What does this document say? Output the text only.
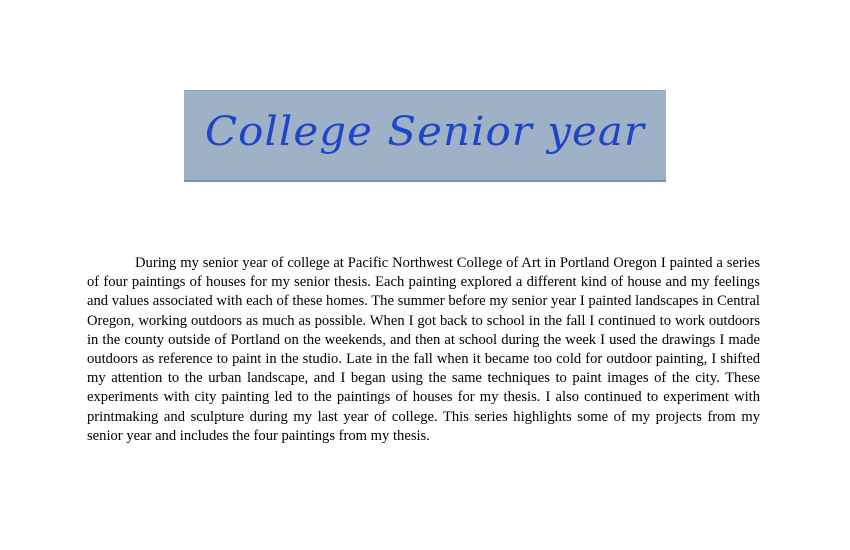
College Senior year

During my senior year of college at Pacific Northwest College of Art in Portland Oregon I painted a series of four paintings of houses for my senior thesis. Each painting explored a different kind of house and my feelings and values associated with each of these homes. The summer before my senior year I painted landscapes in Central Oregon, working outdoors as much as possible. When I got back to school in the fall I continued to work outdoors in the county outside of Portland on the weekends, and then at school during the week I used the drawings I made outdoors as reference to paint in the studio. Late in the fall when it became too cold for outdoor painting, I shifted my attention to the urban landscape, and I began using the same techniques to paint images of the city. These experiments with city painting led to the paintings of houses for my thesis. I also continued to experiment with printmaking and sculpture during my last year of college. This series highlights some of my projects from my senior year and includes the four paintings from my thesis.
